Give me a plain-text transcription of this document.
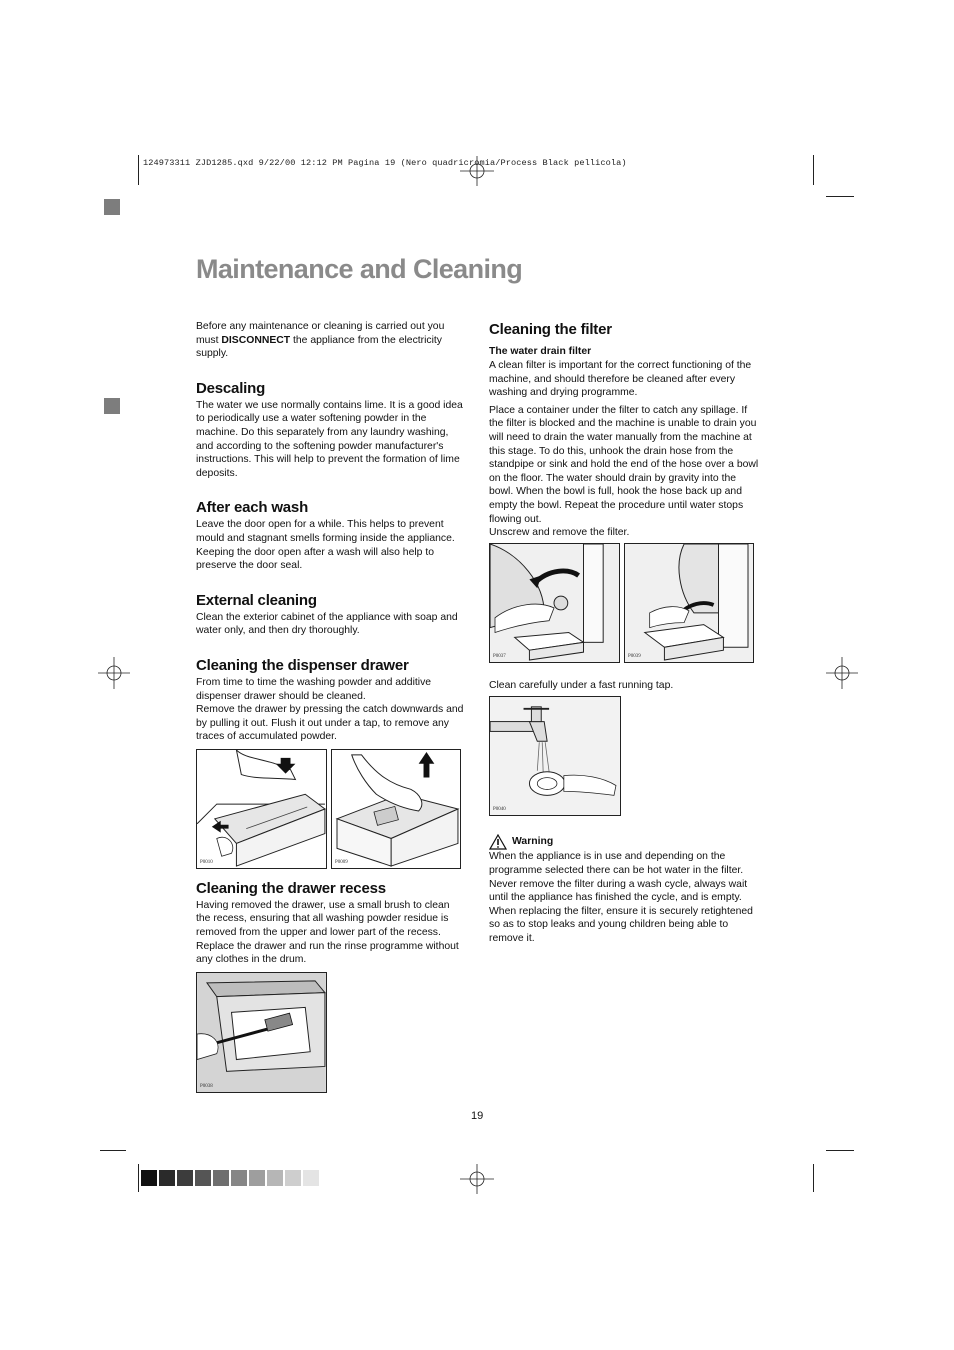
124973311 ZJD1285.qxd 9/22/00 12:12 PM Pagina 19 (Nero quadricromia/Process Black pellicola)
Maintenance and Cleaning

Before any maintenance or cleaning is carried out you must DISCONNECT the appliance from the electricity supply.

Descaling

The water we use normally contains lime. It is a good idea to periodically use a water softening powder in the machine. Do this separately from any laundry washing, and according to the softening powder manufacturer's instructions. This will help to prevent the formation of lime deposits.

After each wash

Leave the door open for a while. This helps to prevent mould and stagnant smells forming inside the appliance. Keeping the door open after a wash will also help to preserve the door seal.

External cleaning

Clean the exterior cabinet of the appliance with soap and water only, and then dry thoroughly.

Cleaning the dispenser drawer

From time to time the washing powder and additive dispenser drawer should be cleaned.

Remove the drawer by pressing the catch downwards and by pulling it out. Flush it out under a tap, to remove any traces of accumulated powder.

P0010	P0009
Cleaning the drawer recess

Having removed the drawer, use a small brush to clean the recess, ensuring that all washing powder residue is removed from the upper and lower part of the recess. Replace the drawer and run the rinse programme without any clothes in the drum.

P0038
Cleaning the filter
The water drain filter

A clean filter is important for the correct functioning of the machine, and should therefore be cleaned after every washing and drying programme.

Place a container under the filter to catch any spillage. If the filter is blocked and the machine is unable to drain you will need to drain the water manually from the machine at this stage. To do this, unhook the drain hose from the standpipe or sink and hold the end of the hose over a bowl on the floor. The water should drain by gravity into the bowl. When the bowl is full, hook the hose back up and empty the bowl. Repeat the procedure until water stops flowing out.

Unscrew and remove the filter.

P0037	P0039

Clean carefully under a fast running tap.

P0040
Warning

When the appliance is in use and depending on the programme selected there can be hot water in the filter. Never remove the filter during a wash cycle, always wait until the appliance has finished the cycle, and is empty. When replacing the filter, ensure it is securely retightened so as to stop leaks and young children being able to remove it.

19
